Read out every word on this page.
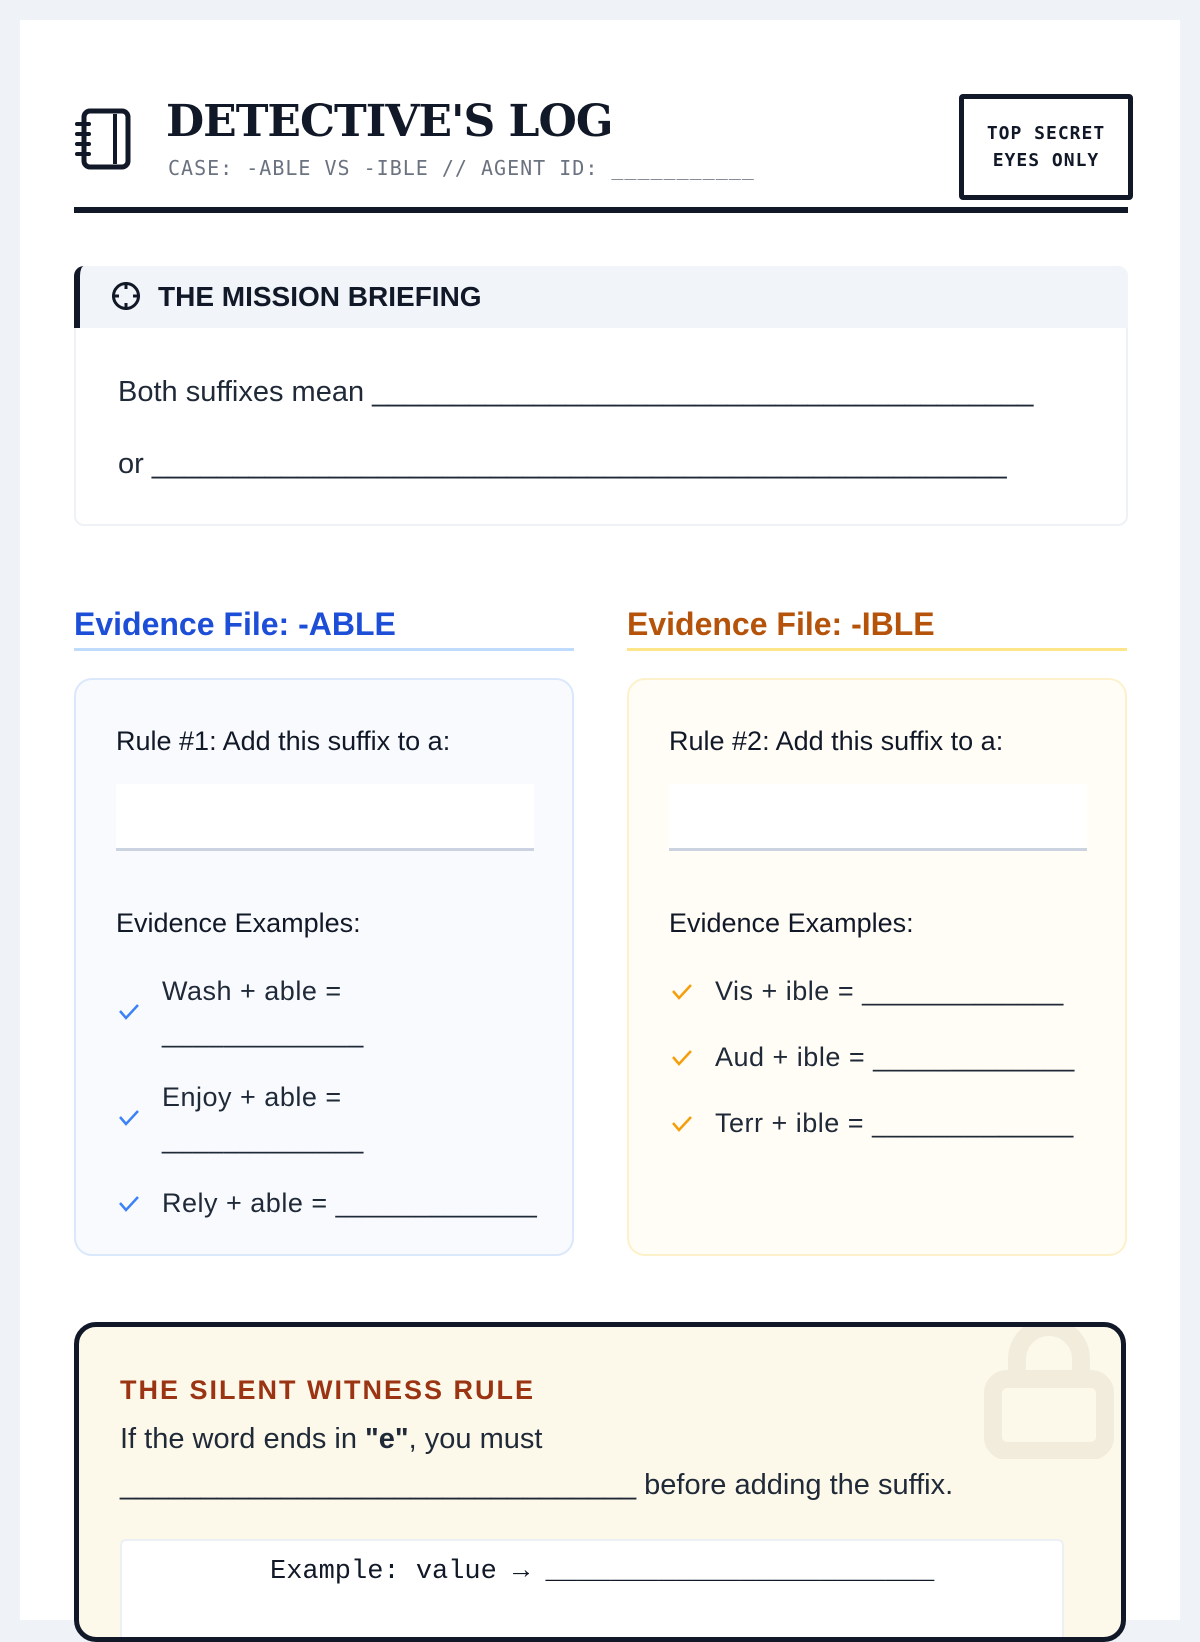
DETECTIVE'S LOG
CASE: -ABLE VS -IBLE // AGENT ID: ___________
TOP SECRET
EYES ONLY
THE MISSION BRIEFING
Both suffixes mean _________________________________________
or _____________________________________________________
Evidence File: -ABLE
Rule #1: Add this suffix to a:
Evidence Examples:
Wash + able =
_____________
Enjoy + able =
_____________
Rely + able = _____________
Evidence File: -IBLE
Rule #2: Add this suffix to a:
Evidence Examples:
Vis + ible = _____________
Aud + ible = _____________
Terr + ible = _____________
THE SILENT WITNESS RULE
If the word ends in "e", you must
________________________________ before adding the suffix.
Example: value → ________________________
